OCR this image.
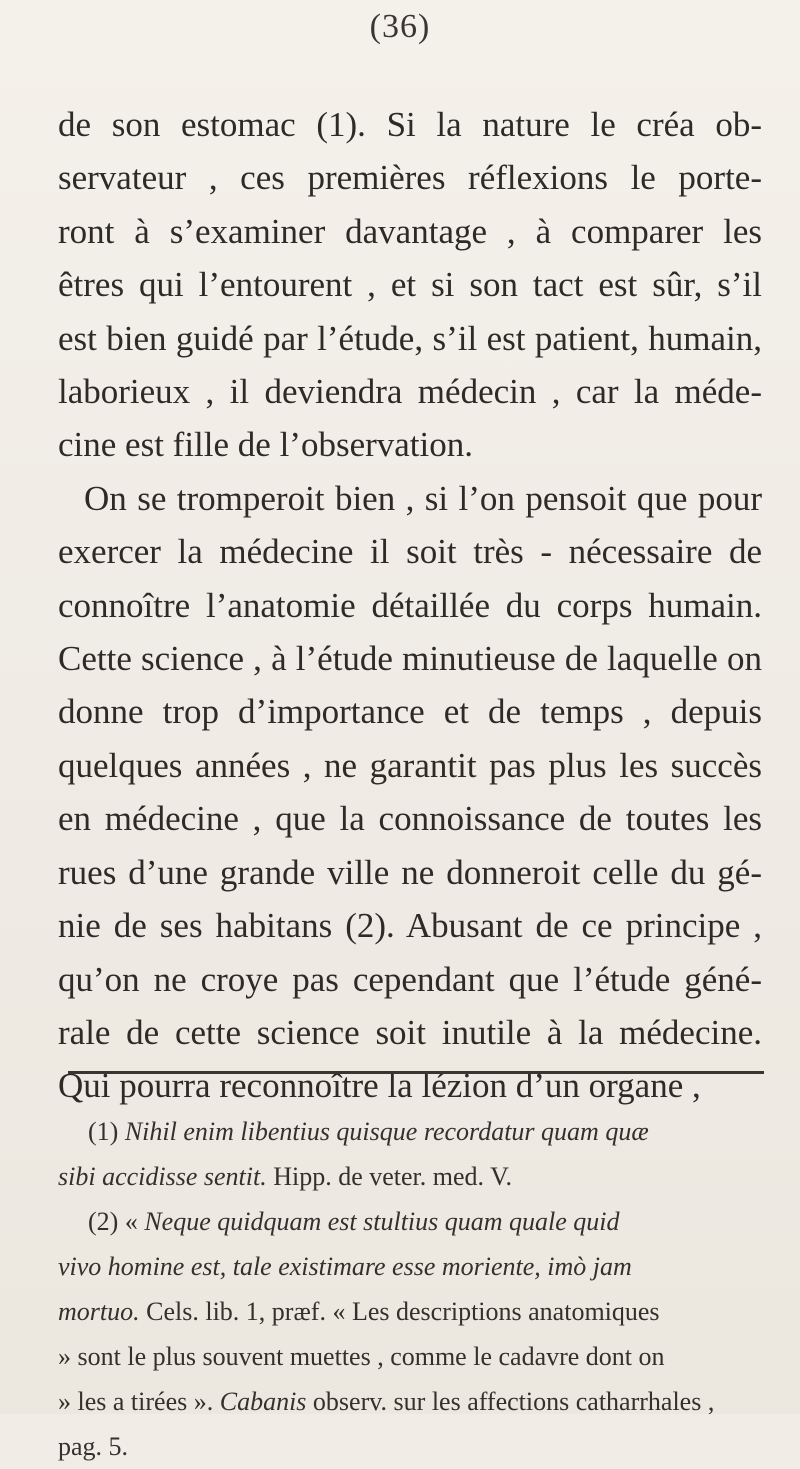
(36)
de son estomac (1). Si la nature le créa ob-
servateur , ces premières réflexions le porte-
ront à s’examiner davantage , à comparer les
êtres qui l’entourent , et si son tact est sûr, s’il
est bien guidé par l’étude, s’il est patient, humain,
laborieux , il deviendra médecin , car la méde-
cine est fille de l’observation.
On se tromperoit bien , si l’on pensoit que pour
exercer la médecine il soit très - nécessaire de
connoître l’anatomie détaillée du corps humain.
Cette science , à l’étude minutieuse de laquelle on
donne trop d’importance et de temps , depuis
quelques années , ne garantit pas plus les succès
en médecine , que la connoissance de toutes les
rues d’une grande ville ne donneroit celle du gé-
nie de ses habitans (2). Abusant de ce principe ,
qu’on ne croye pas cependant que l’étude géné-
rale de cette science soit inutile à la médecine.
Qui pourra reconnoître la lézion d’un organe ,
(1) Nihil enim libentius quisque recordatur quam quæ
sibi accidisse sentit. Hipp. de veter. med. V.
(2) « Neque quidquam est stultius quam quale quid
vivo homine est, tale existimare esse moriente, imò jam
mortuo. Cels. lib. 1, præf. « Les descriptions anatomiques
» sont le plus souvent muettes , comme le cadavre dont on
» les a tirées ». Cabanis observ. sur les affections catharrhales ,
pag. 5.
